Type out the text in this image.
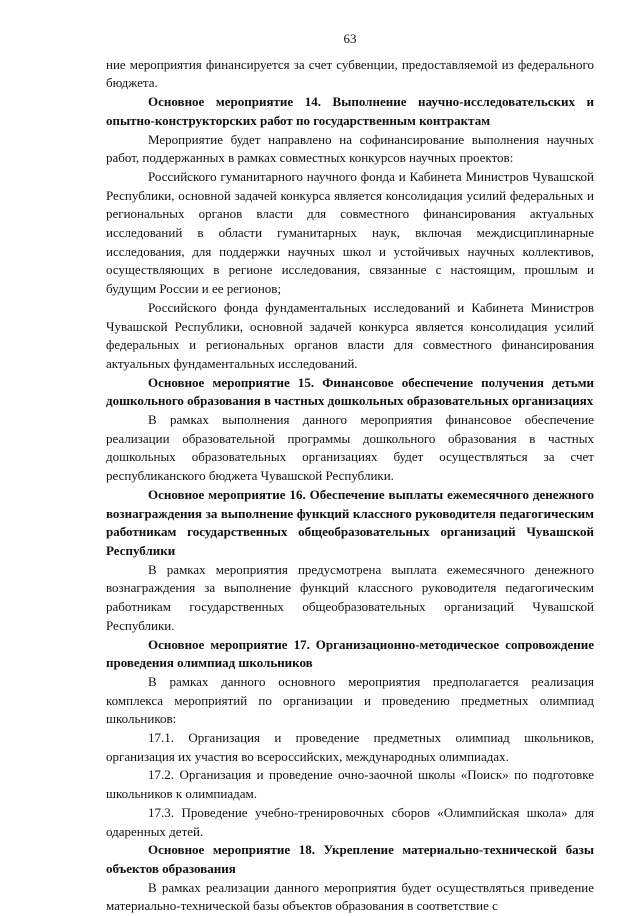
63

ние мероприятия финансируется за счет субвенции, предоставляемой из федерального бюджета.

Основное мероприятие 14. Выполнение научно-исследовательских и опытно-конструкторских работ по государственным контрактам

Мероприятие будет направлено на софинансирование выполнения научных работ, поддержанных в рамках совместных конкурсов научных проектов:

Российского гуманитарного научного фонда и Кабинета Министров Чувашской Республики, основной задачей конкурса является консолидация усилий федеральных и региональных органов власти для совместного финансирования актуальных исследований в области гуманитарных наук, включая междисциплинарные исследования, для поддержки научных школ и устойчивых научных коллективов, осуществляющих в регионе исследования, связанные с настоящим, прошлым и будущим России и ее регионов;

Российского фонда фундаментальных исследований и Кабинета Министров Чувашской Республики, основной задачей конкурса является консолидация усилий федеральных и региональных органов власти для совместного финансирования актуальных фундаментальных исследований.

Основное мероприятие 15. Финансовое обеспечение получения детьми дошкольного образования в частных дошкольных образовательных организациях

В рамках выполнения данного мероприятия финансовое обеспечение реализации образовательной программы дошкольного образования в частных дошкольных образовательных организациях будет осуществляться за счет республиканского бюджета Чувашской Республики.

Основное мероприятие 16. Обеспечение выплаты ежемесячного денежного вознаграждения за выполнение функций классного руководителя педагогическим работникам государственных общеобразовательных организаций Чувашской Республики

В рамках мероприятия предусмотрена выплата ежемесячного денежного вознаграждения за выполнение функций классного руководителя педагогическим работникам государственных общеобразовательных организаций Чувашской Республики.

Основное мероприятие 17. Организационно-методическое сопровождение проведения олимпиад школьников

В рамках данного основного мероприятия предполагается реализация комплекса мероприятий по организации и проведению предметных олимпиад школьников:

17.1. Организация и проведение предметных олимпиад школьников, организация их участия во всероссийских, международных олимпиадах.

17.2. Организация и проведение очно-заочной школы «Поиск» по подготовке школьников к олимпиадам.

17.3. Проведение учебно-тренировочных сборов «Олимпийская школа» для одаренных детей.

Основное мероприятие 18. Укрепление материально-технической базы объектов образования

В рамках реализации данного мероприятия будет осуществляться приведение материально-технической базы объектов образования в соответствие с
